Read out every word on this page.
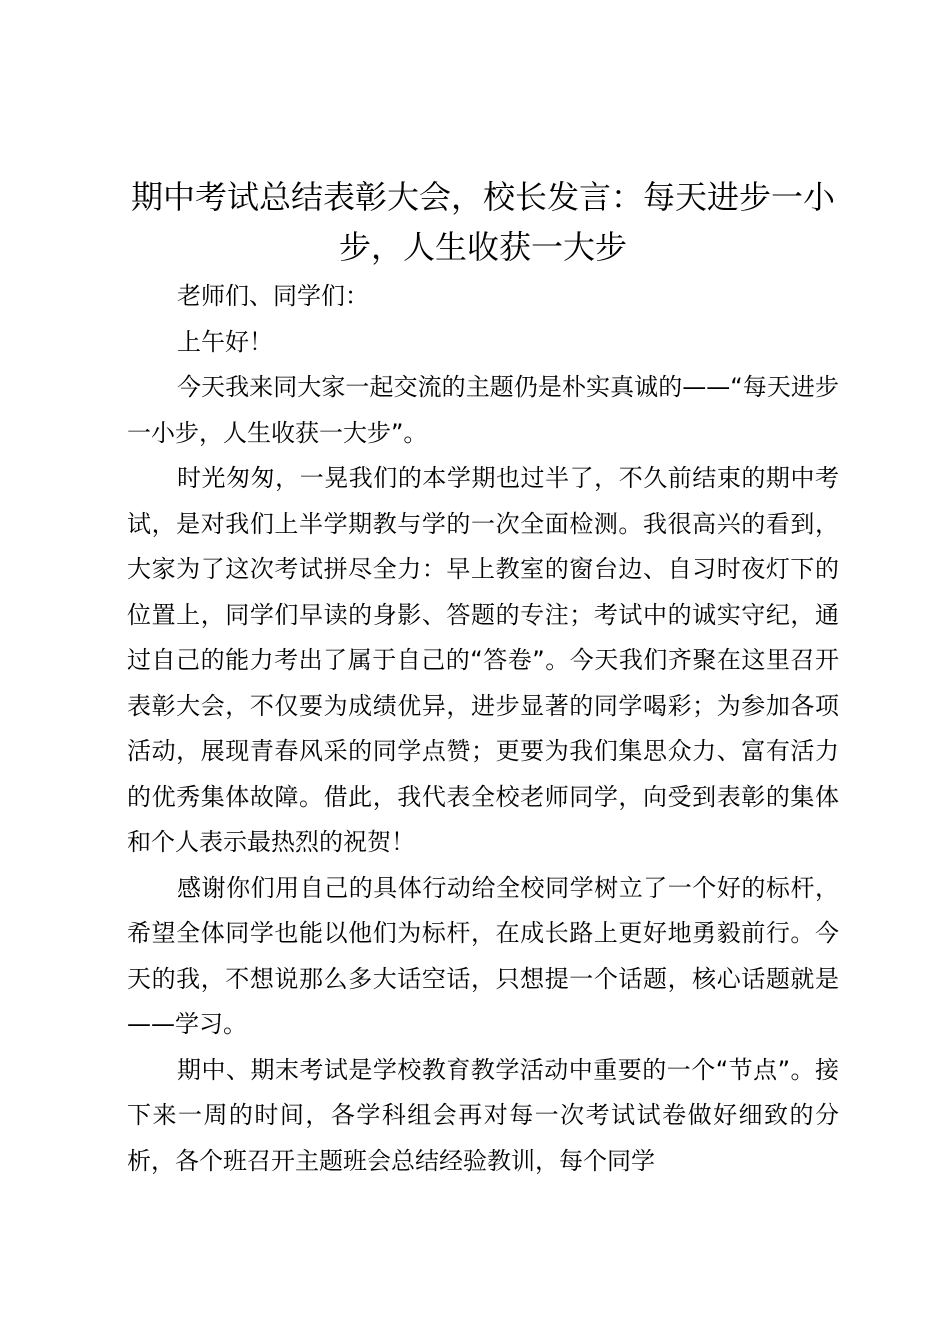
期中考试总结表彰大会，校长发言：每天进步一小步，人生收获一大步

老师们、同学们：

上午好！

今天我来同大家一起交流的主题仍是朴实真诚的——“每天进步一小步，人生收获一大步”。

时光匆匆，一晃我们的本学期也过半了，不久前结束的期中考试，是对我们上半学期教与学的一次全面检测。我很高兴的看到，大家为了这次考试拼尽全力：早上教室的窗台边、自习时夜灯下的位置上，同学们早读的身影、答题的专注；考试中的诚实守纪，通过自己的能力考出了属于自己的“答卷”。今天我们齐聚在这里召开表彰大会，不仅要为成绩优异，进步显著的同学喝彩；为参加各项活动，展现青春风采的同学点赞；更要为我们集思众力、富有活力的优秀集体故障。借此，我代表全校老师同学，向受到表彰的集体和个人表示最热烈的祝贺！

感谢你们用自己的具体行动给全校同学树立了一个好的标杆，希望全体同学也能以他们为标杆，在成长路上更好地勇毅前行。今天的我，不想说那么多大话空话，只想提一个话题，核心话题就是——学习。

期中、期末考试是学校教育教学活动中重要的一个“节点”。接下来一周的时间，各学科组会再对每一次考试试卷做好细致的分析，各个班召开主题班会总结经验教训，每个同学
